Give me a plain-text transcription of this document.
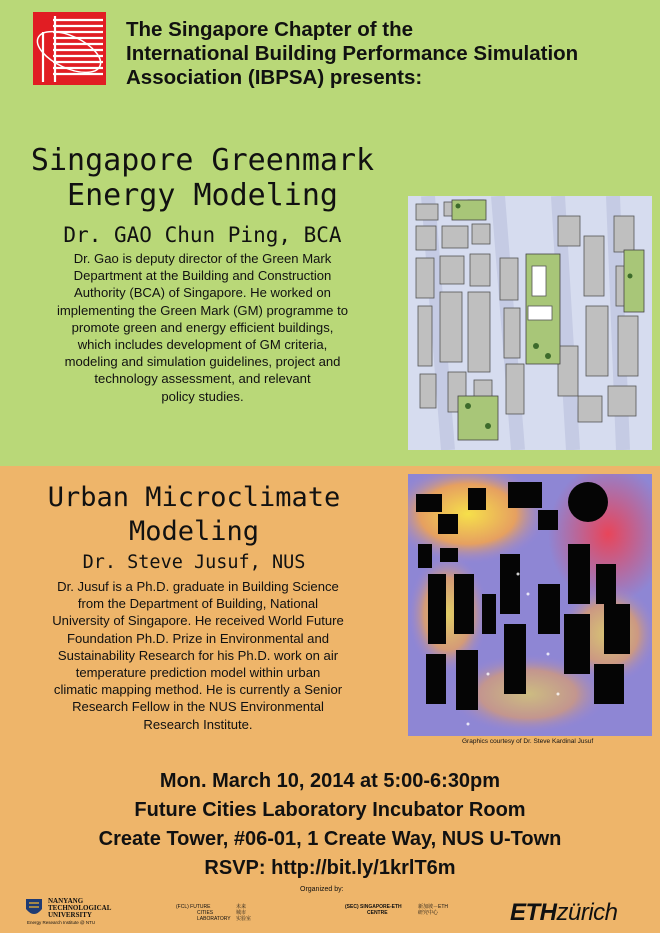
The Singapore Chapter of the
International Building Performance Simulation
Association (IBPSA) presents:
Singapore Greenmark
Energy Modeling
Dr. GAO Chun Ping, BCA
Dr. Gao is deputy director of the Green Mark
Department at the Building and Construction
Authority (BCA) of Singapore. He worked on
implementing the Green Mark (GM) programme to
promote green and energy efficient buildings,
which includes development of GM criteria,
modeling and simulation guidelines, project and
technology assessment, and relevant
policy studies.
Urban Microclimate
Modeling
Dr. Steve Jusuf, NUS
Dr. Jusuf is a Ph.D. graduate in Building Science
from the Department of Building, National
University of Singapore. He received World Future
Foundation Ph.D. Prize in Environmental and
Sustainability Research for his Ph.D. work on air
temperature prediction model within urban
climatic mapping method. He is currently a Senior
Research Fellow in the NUS Environmental
Research Institute.
Graphics courtesy of Dr. Steve Kardinal Jusuf
Mon. March 10, 2014 at 5:00-6:30pm
Future Cities Laboratory Incubator Room
Create Tower, #06-01, 1 Create Way, NUS U-Town
RSVP: http://bit.ly/1krlT6m
Organized by:
NANYANG
TECHNOLOGICAL
UNIVERSITY
Energy Research Institute @ NTU
(FCL) FUTURE
CITIES
LABORATORY
未来
城市
实验室
(SEC) SINGAPORE-ETH
CENTRE
新加坡－ETH
研究中心	ETHzürich
